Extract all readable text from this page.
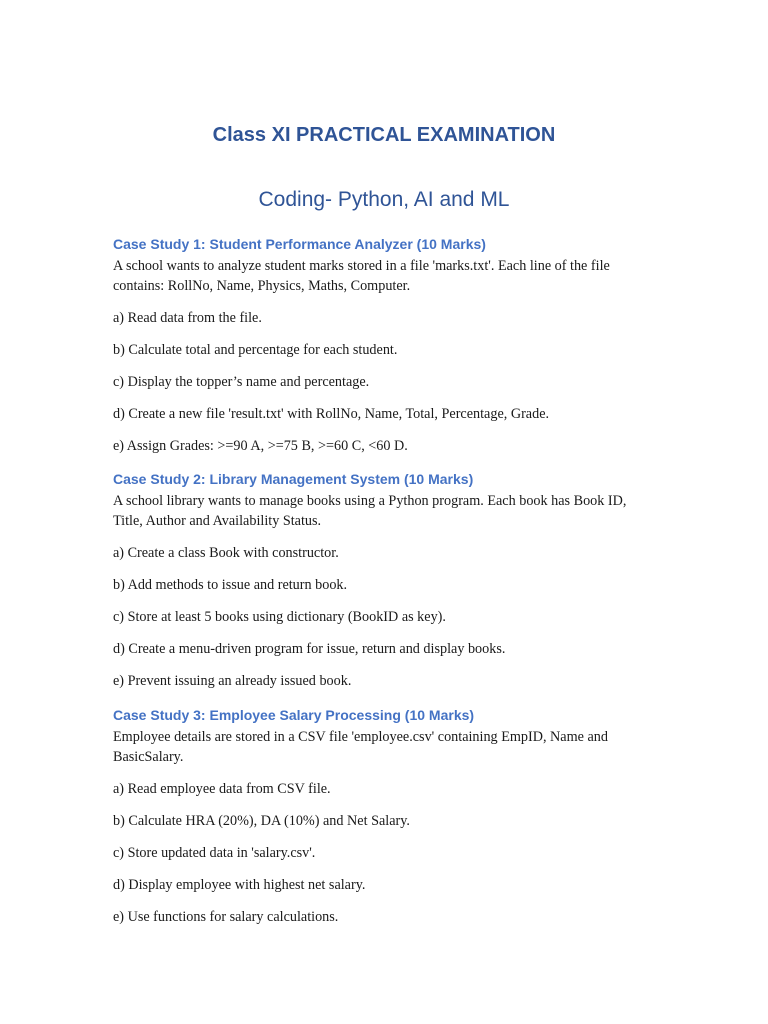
Class XI PRACTICAL EXAMINATION
Coding- Python, AI and ML
Case Study 1: Student Performance Analyzer (10 Marks)

A school wants to analyze student marks stored in a file 'marks.txt'. Each line of the file contains: RollNo, Name, Physics, Maths, Computer.

a) Read data from the file.

b) Calculate total and percentage for each student.

c) Display the topper’s name and percentage.

d) Create a new file 'result.txt' with RollNo, Name, Total, Percentage, Grade.

e) Assign Grades: >=90 A, >=75 B, >=60 C, <60 D.

Case Study 2: Library Management System (10 Marks)

A school library wants to manage books using a Python program. Each book has Book ID, Title, Author and Availability Status.

a) Create a class Book with constructor.

b) Add methods to issue and return book.

c) Store at least 5 books using dictionary (BookID as key).

d) Create a menu-driven program for issue, return and display books.

e) Prevent issuing an already issued book.

Case Study 3: Employee Salary Processing (10 Marks)

Employee details are stored in a CSV file 'employee.csv' containing EmpID, Name and BasicSalary.

a) Read employee data from CSV file.

b) Calculate HRA (20%), DA (10%) and Net Salary.

c) Store updated data in 'salary.csv'.

d) Display employee with highest net salary.

e) Use functions for salary calculations.
